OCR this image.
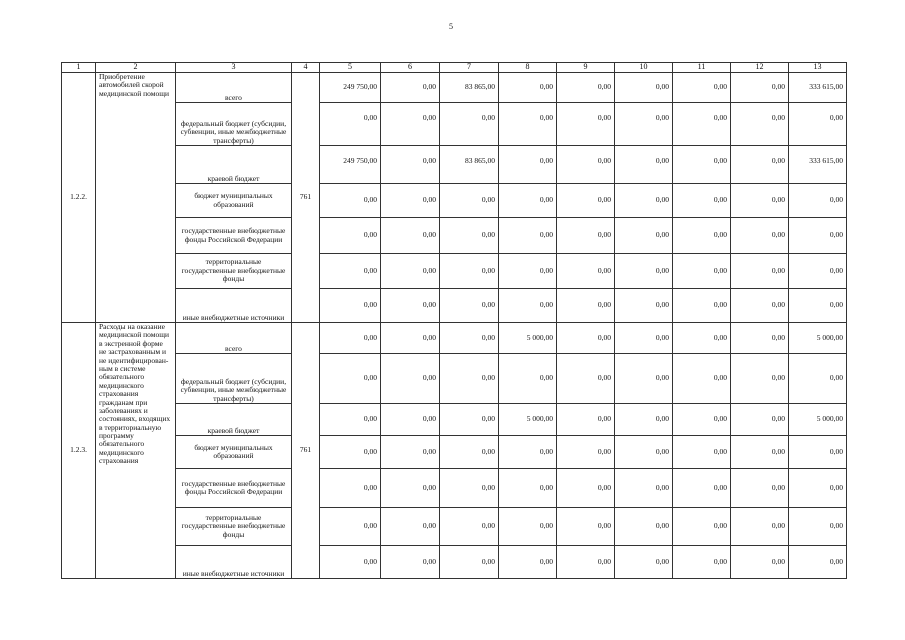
5
1	2	3	4	5	6	7	8	9	10	11	12	13
1.2.2.	Приобретение автомобилей скорой медицинской помощи	всего	761	249 750,00	0,00	83 865,00	0,00	0,00	0,00	0,00	0,00	333 615,00
		федеральный бюджет (субсидии, субвенции, иные межбюджетные трансферты)		0,00	0,00	0,00	0,00	0,00	0,00	0,00	0,00	0,00
		краевой бюджет		249 750,00	0,00	83 865,00	0,00	0,00	0,00	0,00	0,00	333 615,00
		бюджет муниципальных образований		0,00	0,00	0,00	0,00	0,00	0,00	0,00	0,00	0,00
		государственные внебюджетные фонды Российской Федерации		0,00	0,00	0,00	0,00	0,00	0,00	0,00	0,00	0,00
		территориальные государственные внебюджетные фонды		0,00	0,00	0,00	0,00	0,00	0,00	0,00	0,00	0,00
		иные внебюджетные источники		0,00	0,00	0,00	0,00	0,00	0,00	0,00	0,00	0,00
1.2.3.	Расходы на оказание медицинской помощи в экстренной форме не застрахованным и не идентифицирован-ным в системе обязательного медицинского страхования гражданам при заболеваниях и состояниях, входящих в территориальную программу обязательного медицинского страхования	всего	761	0,00	0,00	0,00	5 000,00	0,00	0,00	0,00	0,00	5 000,00
		федеральный бюджет (субсидии, субвенции, иные межбюджетные трансферты)		0,00	0,00	0,00	0,00	0,00	0,00	0,00	0,00	0,00
		краевой бюджет		0,00	0,00	0,00	5 000,00	0,00	0,00	0,00	0,00	5 000,00
		бюджет муниципальных образований		0,00	0,00	0,00	0,00	0,00	0,00	0,00	0,00	0,00
		государственные внебюджетные фонды Российской Федерации		0,00	0,00	0,00	0,00	0,00	0,00	0,00	0,00	0,00
		территориальные государственные внебюджетные фонды		0,00	0,00	0,00	0,00	0,00	0,00	0,00	0,00	0,00
		иные внебюджетные источники		0,00	0,00	0,00	0,00	0,00	0,00	0,00	0,00	0,00
